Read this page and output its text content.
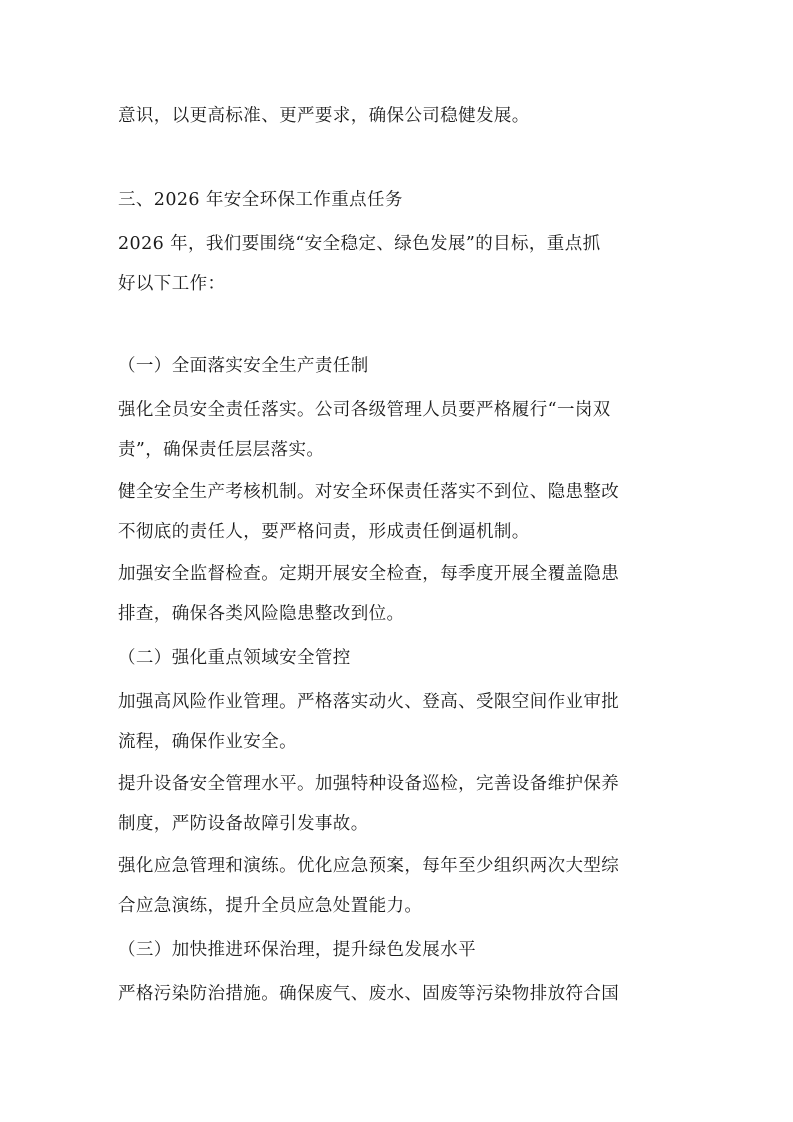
意识，以更高标准、更严要求，确保公司稳健发展。
三、2026 年安全环保工作重点任务
2026 年，我们要围绕“安全稳定、绿色发展”的目标，重点抓
好以下工作：
（一）全面落实安全生产责任制
强化全员安全责任落实。公司各级管理人员要严格履行“一岗双
责”，确保责任层层落实。
健全安全生产考核机制。对安全环保责任落实不到位、隐患整改
不彻底的责任人，要严格问责，形成责任倒逼机制。
加强安全监督检查。定期开展安全检查，每季度开展全覆盖隐患
排查，确保各类风险隐患整改到位。
（二）强化重点领域安全管控
加强高风险作业管理。严格落实动火、登高、受限空间作业审批
流程，确保作业安全。
提升设备安全管理水平。加强特种设备巡检，完善设备维护保养
制度，严防设备故障引发事故。
强化应急管理和演练。优化应急预案，每年至少组织两次大型综
合应急演练，提升全员应急处置能力。
（三）加快推进环保治理，提升绿色发展水平
严格污染防治措施。确保废气、废水、固废等污染物排放符合国
